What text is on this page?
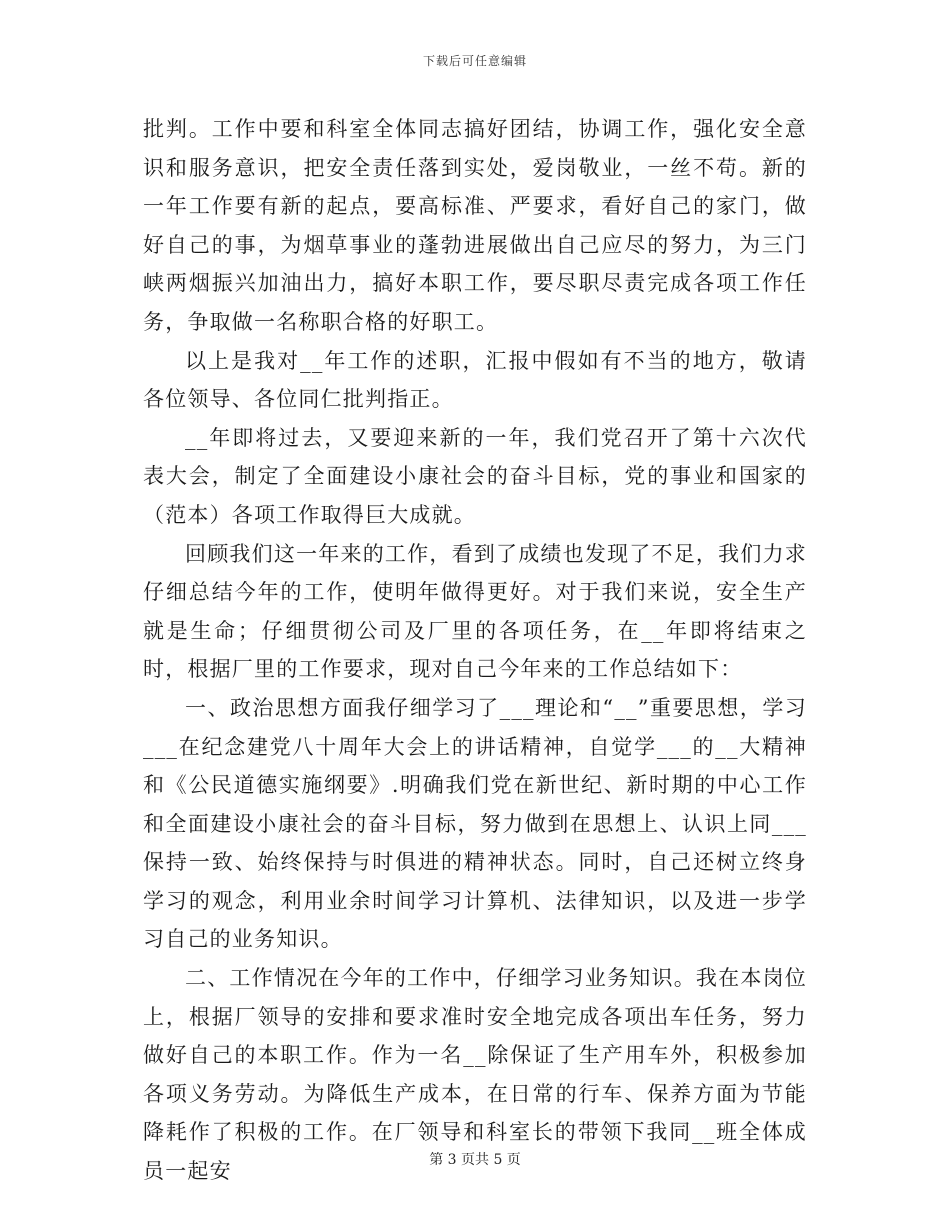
下载后可任意编辑

批判。工作中要和科室全体同志搞好团结，协调工作，强化安全意识和服务意识，把安全责任落到实处，爱岗敬业，一丝不苟。新的一年工作要有新的起点，要高标准、严要求，看好自己的家门，做好自己的事，为烟草事业的蓬勃进展做出自己应尽的努力，为三门峡两烟振兴加油出力，搞好本职工作，要尽职尽责完成各项工作任务，争取做一名称职合格的好职工。

以上是我对__年工作的述职，汇报中假如有不当的地方，敬请各位领导、各位同仁批判指正。

__年即将过去，又要迎来新的一年，我们党召开了第十六次代表大会，制定了全面建设小康社会的奋斗目标，党的事业和国家的（范本）各项工作取得巨大成就。

回顾我们这一年来的工作，看到了成绩也发现了不足，我们力求仔细总结今年的工作，使明年做得更好。对于我们来说，安全生产就是生命；仔细贯彻公司及厂里的各项任务，在__年即将结束之时，根据厂里的工作要求，现对自己今年来的工作总结如下：

一、政治思想方面我仔细学习了___理论和“__”重要思想，学习___在纪念建党八十周年大会上的讲话精神，自觉学___的__大精神和《公民道德实施纲要》.明确我们党在新世纪、新时期的中心工作和全面建设小康社会的奋斗目标，努力做到在思想上、认识上同___保持一致、始终保持与时俱进的精神状态。同时，自己还树立终身学习的观念，利用业余时间学习计算机、法律知识，以及进一步学习自己的业务知识。

二、工作情况在今年的工作中，仔细学习业务知识。我在本岗位上，根据厂领导的安排和要求准时安全地完成各项出车任务，努力做好自己的本职工作。作为一名__除保证了生产用车外，积极参加各项义务劳动。为降低生产成本，在日常的行车、保养方面为节能降耗作了积极的工作。在厂领导和科室长的带领下我同__班全体成员一起安	第 3 页共 5 页
